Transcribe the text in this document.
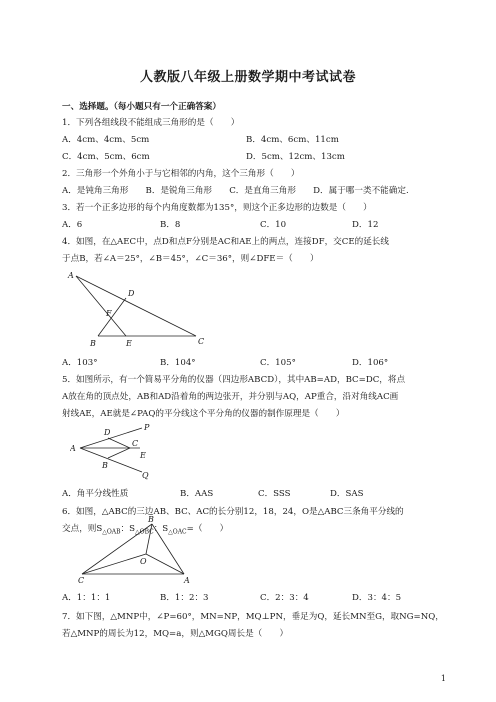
人教版八年级上册数学期中考试试卷
一、选择题。（每小题只有一个正确答案）
1．下列各组线段不能组成三角形的是（　　）
A．4cm、4cm、5cm	B．4cm、6cm、11cm
C．4cm、5cm、6cm	D．5cm、12cm、13cm
2．三角形一个外角小于与它相邻的内角，这个三角形（　　）
A．是钝角三角形　　B．是锐角三角形　　C．是直角三角形　　D．属于哪一类不能确定.
3．若一个正多边形的每个内角度数都为135°，则这个正多边形的边数是（　　）
A．6	B．8	C．10	D．12
4．如图，在△AEC中，点D和点F分别是AC和AE上的两点，连接DF，交CE的延长线
于点B，若∠A＝25°，∠B＝45°，∠C＝36°，则∠DFE＝（　　）
A
D
F
B	E	C
A．103°	B．104°	C．105°	D．106°
5．如图所示，有一个简易平分角的仪器（四边形ABCD），其中AB=AD，BC=DC，将点
A放在角的顶点处，AB和AD沿着角的两边张开，并分别与AQ，AP重合，沿对角线AC画
射线AE，AE就是∠PAQ的平分线这个平分角的仪器的制作原理是（　　）
D
P
A
C
E
B
Q
A．角平分线性质	B．AAS	C．SSS	D．SAS
6．如图，△ABC的三边AB、BC、AC的长分别12，18，24，O是△ABC三条角平分线的
交点，则$S_{\triangle OAB}$：$S_{\triangle OBC}$：$S_{\triangle OAC}=$（　　）
B
O
C	A
A．1：1：1	B．1：2：3	C．2：3：4	D．3：4：5
7．如下图，△MNP中，∠P=60°，MN=NP，MQ⊥PN，垂足为Q，延长MN至G，取NG=NQ，
若△MNP的周长为12，MQ=a，则△MGQ周长是（　　）
1
